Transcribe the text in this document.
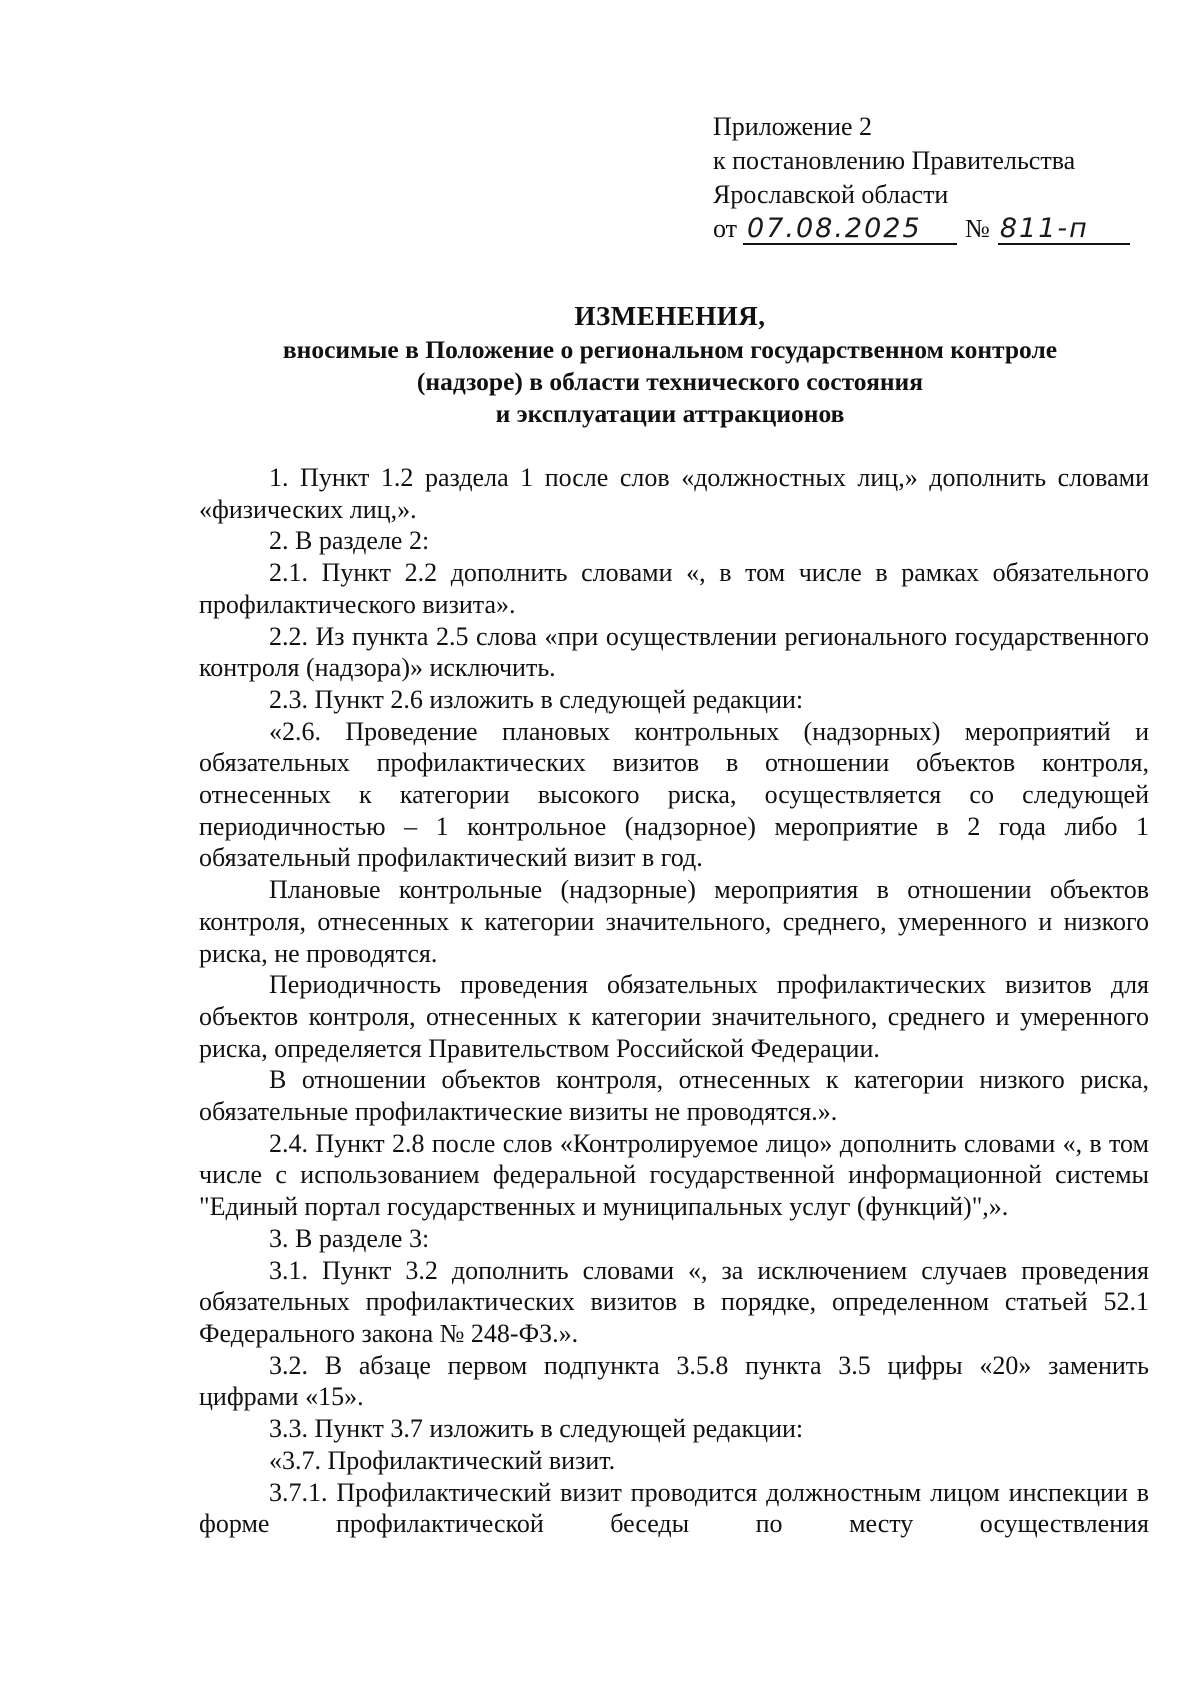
Приложение 2
к постановлению Правительства
Ярославской области
от 07.08.2025 № 811-п
ИЗМЕНЕНИЯ,
вносимые в Положение о региональном государственном контроле
(надзоре) в области технического состояния
и эксплуатации аттракционов

1. Пункт 1.2 раздела 1 после слов «должностных лиц,» дополнить словами «физических лиц,».

2. В разделе 2:

2.1. Пункт 2.2 дополнить словами «, в том числе в рамках обязательного профилактического визита».

2.2. Из пункта 2.5 слова «при осуществлении регионального государственного контроля (надзора)» исключить.

2.3. Пункт 2.6 изложить в следующей редакции:

«2.6. Проведение плановых контрольных (надзорных) мероприятий и обязательных профилактических визитов в отношении объектов контроля, отнесенных к категории высокого риска, осуществляется со следующей периодичностью – 1 контрольное (надзорное) мероприятие в 2 года либо 1 обязательный профилактический визит в год.

Плановые контрольные (надзорные) мероприятия в отношении объектов контроля, отнесенных к категории значительного, среднего, умеренного и низкого риска, не проводятся.

Периодичность проведения обязательных профилактических визитов для объектов контроля, отнесенных к категории значительного, среднего и умеренного риска, определяется Правительством Российской Федерации.

В отношении объектов контроля, отнесенных к категории низкого риска, обязательные профилактические визиты не проводятся.».

2.4. Пункт 2.8 после слов «Контролируемое лицо» дополнить словами «, в том числе с использованием федеральной государственной информационной системы "Единый портал государственных и муниципальных услуг (функций)",».

3. В разделе 3:

3.1. Пункт 3.2 дополнить словами «, за исключением случаев проведения обязательных профилактических визитов в порядке, определенном статьей 52.1 Федерального закона № 248-ФЗ.».

3.2. В абзаце первом подпункта 3.5.8 пункта 3.5 цифры «20» заменить цифрами «15».

3.3. Пункт 3.7 изложить в следующей редакции:

«3.7. Профилактический визит.

3.7.1. Профилактический визит проводится должностным лицом инспекции в форме профилактической беседы по месту осуществления
